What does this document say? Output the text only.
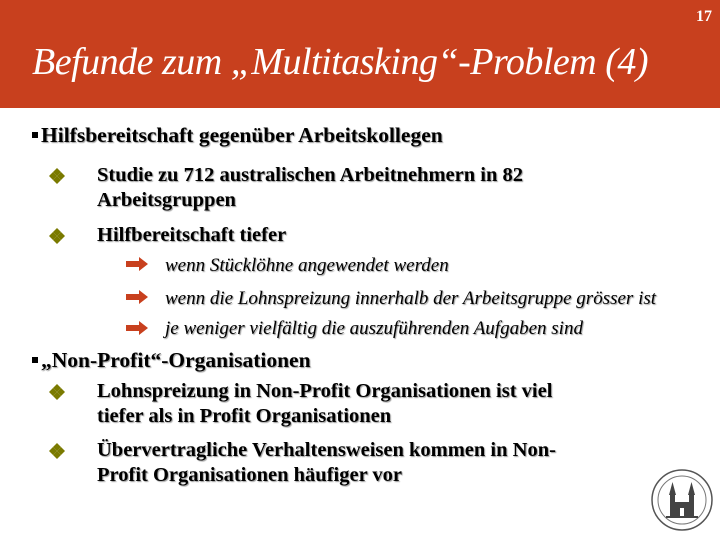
17
Befunde zum „Multitasking“-Problem (4)
Hilfsbereitschaft gegenüber Arbeitskollegen
Studie zu 712 australischen Arbeitnehmern in 82
Arbeitsgruppen
Hilfbereitschaft tiefer
wenn Stücklöhne angewendet werden
wenn die Lohnspreizung innerhalb der Arbeitsgruppe grösser ist
je weniger vielfältig die auszuführenden Aufgaben sind
„Non-Profit“-Organisationen
Lohnspreizung in Non-Profit Organisationen ist viel
tiefer als in Profit Organisationen
Übervertragliche Verhaltensweisen kommen in Non-
Profit Organisationen häufiger vor
